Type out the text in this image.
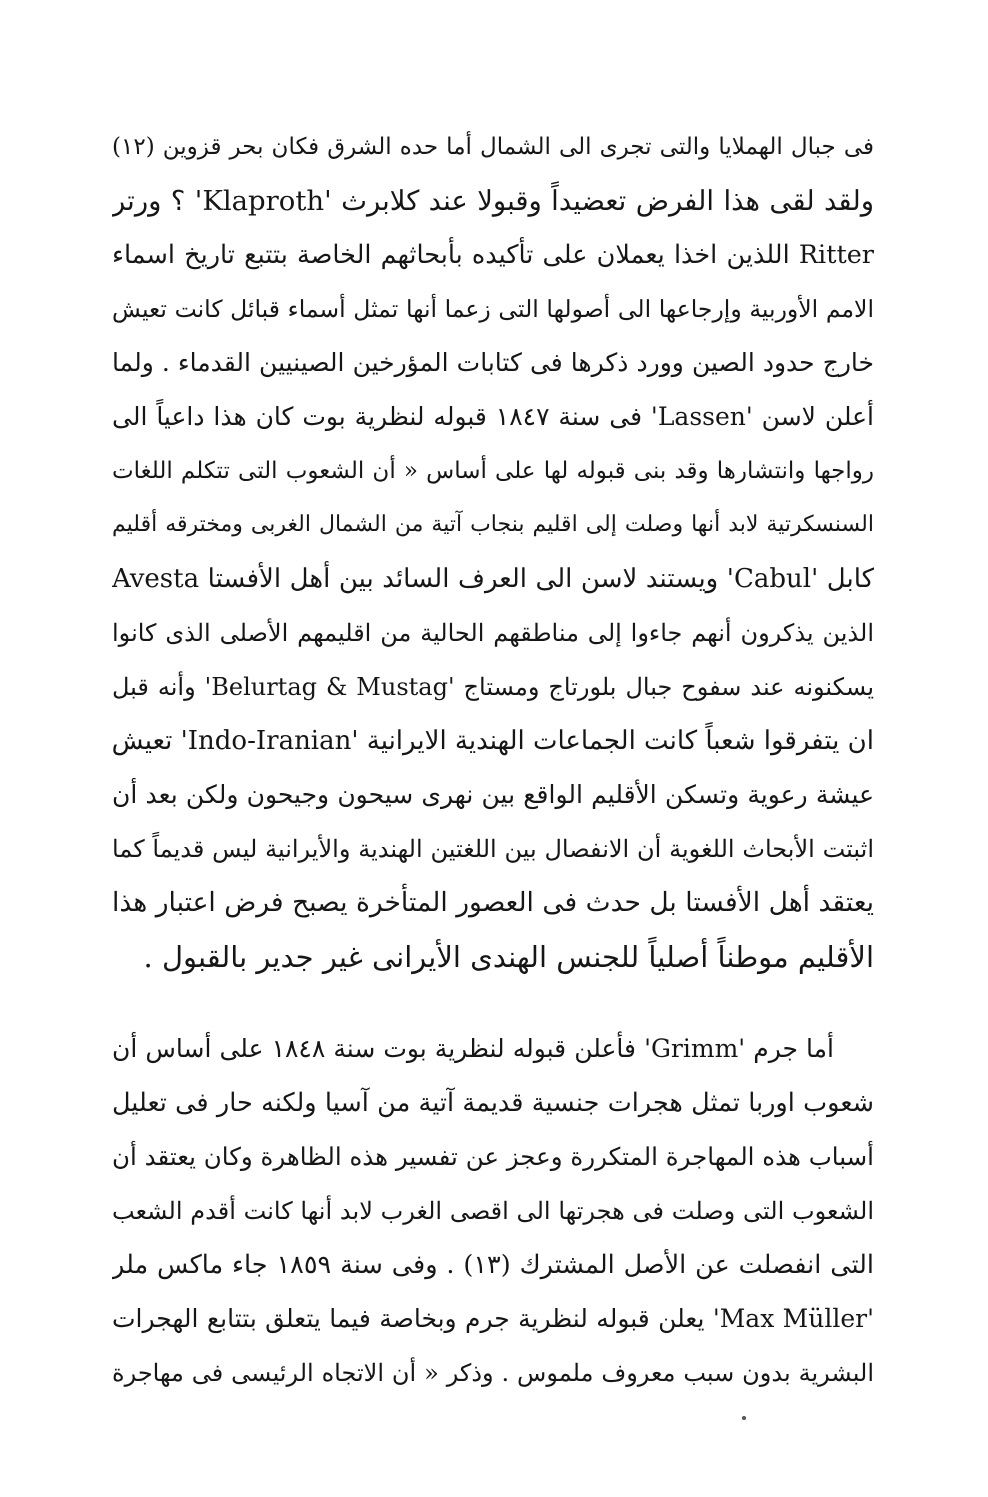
فى جبال الهملايا والتى تجرى الى الشمال أما حده الشرق فكان بحر قزوين (١٢)
ولقد لقى هذا الفرض تعضيداً وقبولا عند كلابرث 'Klaproth' ؟ ورتر
Ritter اللذين اخذا يعملان على تأكيده بأبحاثهم الخاصة بتتبع تاريخ اسماء
الامم الأوربية وإرجاعها الى أصولها التى زعما أنها تمثل أسماء قبائل كانت تعيش
خارج حدود الصين وورد ذكرها فى كتابات المؤرخين الصينيين القدماء . ولما
أعلن لاسن 'Lassen' فى سنة ١٨٤٧ قبوله لنظرية بوت كان هذا داعياً الى
رواجها وانتشارها وقد بنى قبوله لها على أساس « أن الشعوب التى تتكلم اللغات
السنسكرتية لابد أنها وصلت إلى اقليم بنجاب آتية من الشمال الغربى ومخترقه أقليم
كابل 'Cabul' ويستند لاسن الى العرف السائد بين أهل الأفستا Avesta
الذين يذكرون أنهم جاءوا إلى مناطقهم الحالية من اقليمهم الأصلى الذى كانوا
يسكنونه عند سفوح جبال بلورتاج ومستاج 'Belurtag & Mustag' وأنه قبل
ان يتفرقوا شعباً كانت الجماعات الهندية الايرانية 'Indo-Iranian' تعيش
عيشة رعوية وتسكن الأقليم الواقع بين نهرى سيحون وجيحون ولكن بعد أن
اثبتت الأبحاث اللغوية أن الانفصال بين اللغتين الهندية والأيرانية ليس قديماً كما
يعتقد أهل الأفستا بل حدث فى العصور المتأخرة يصبح فرض اعتبار هذا
الأقليم موطناً أصلياً للجنس الهندى الأيرانى غير جدير بالقبول .
أما جرم 'Grimm' فأعلن قبوله لنظرية بوت سنة ١٨٤٨ على أساس أن
شعوب اوربا تمثل هجرات جنسية قديمة آتية من آسيا ولكنه حار فى تعليل
أسباب هذه المهاجرة المتكررة وعجز عن تفسير هذه الظاهرة وكان يعتقد أن
الشعوب التى وصلت فى هجرتها الى اقصى الغرب لابد أنها كانت أقدم الشعب
التى انفصلت عن الأصل المشترك (١٣) . وفى سنة ١٨٥٩ جاء ماكس ملر
'Max Müller' يعلن قبوله لنظرية جرم وبخاصة فيما يتعلق بتتابع الهجرات
البشرية بدون سبب معروف ملموس . وذكر « أن الاتجاه الرئيسى فى مهاجرة
